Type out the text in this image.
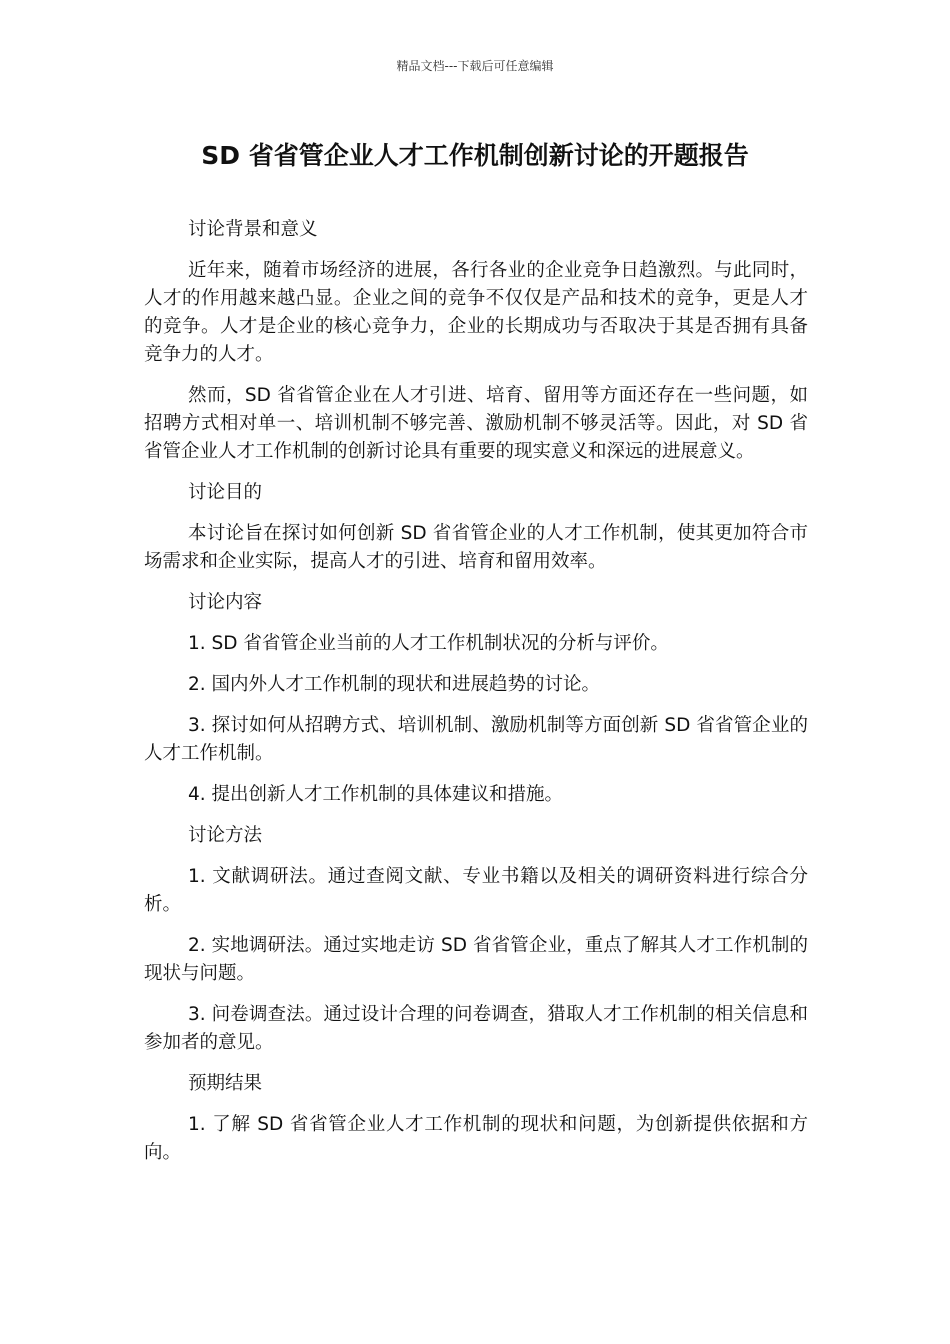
精品文档---下载后可任意编辑
SD 省省管企业人才工作机制创新讨论的开题报告

讨论背景和意义

近年来，随着市场经济的进展，各行各业的企业竞争日趋激烈。与此同时，人才的作用越来越凸显。企业之间的竞争不仅仅是产品和技术的竞争，更是人才的竞争。人才是企业的核心竞争力，企业的长期成功与否取决于其是否拥有具备竞争力的人才。

然而，SD 省省管企业在人才引进、培育、留用等方面还存在一些问题，如招聘方式相对单一、培训机制不够完善、激励机制不够灵活等。因此，对 SD 省省管企业人才工作机制的创新讨论具有重要的现实意义和深远的进展意义。

讨论目的

本讨论旨在探讨如何创新 SD 省省管企业的人才工作机制，使其更加符合市场需求和企业实际，提高人才的引进、培育和留用效率。

讨论内容

1. SD 省省管企业当前的人才工作机制状况的分析与评价。

2. 国内外人才工作机制的现状和进展趋势的讨论。

3. 探讨如何从招聘方式、培训机制、激励机制等方面创新 SD 省省管企业的人才工作机制。

4. 提出创新人才工作机制的具体建议和措施。

讨论方法

1. 文献调研法。通过查阅文献、专业书籍以及相关的调研资料进行综合分析。

2. 实地调研法。通过实地走访 SD 省省管企业，重点了解其人才工作机制的现状与问题。

3. 问卷调查法。通过设计合理的问卷调查，猎取人才工作机制的相关信息和参加者的意见。

预期结果

1. 了解 SD 省省管企业人才工作机制的现状和问题，为创新提供依据和方向。
